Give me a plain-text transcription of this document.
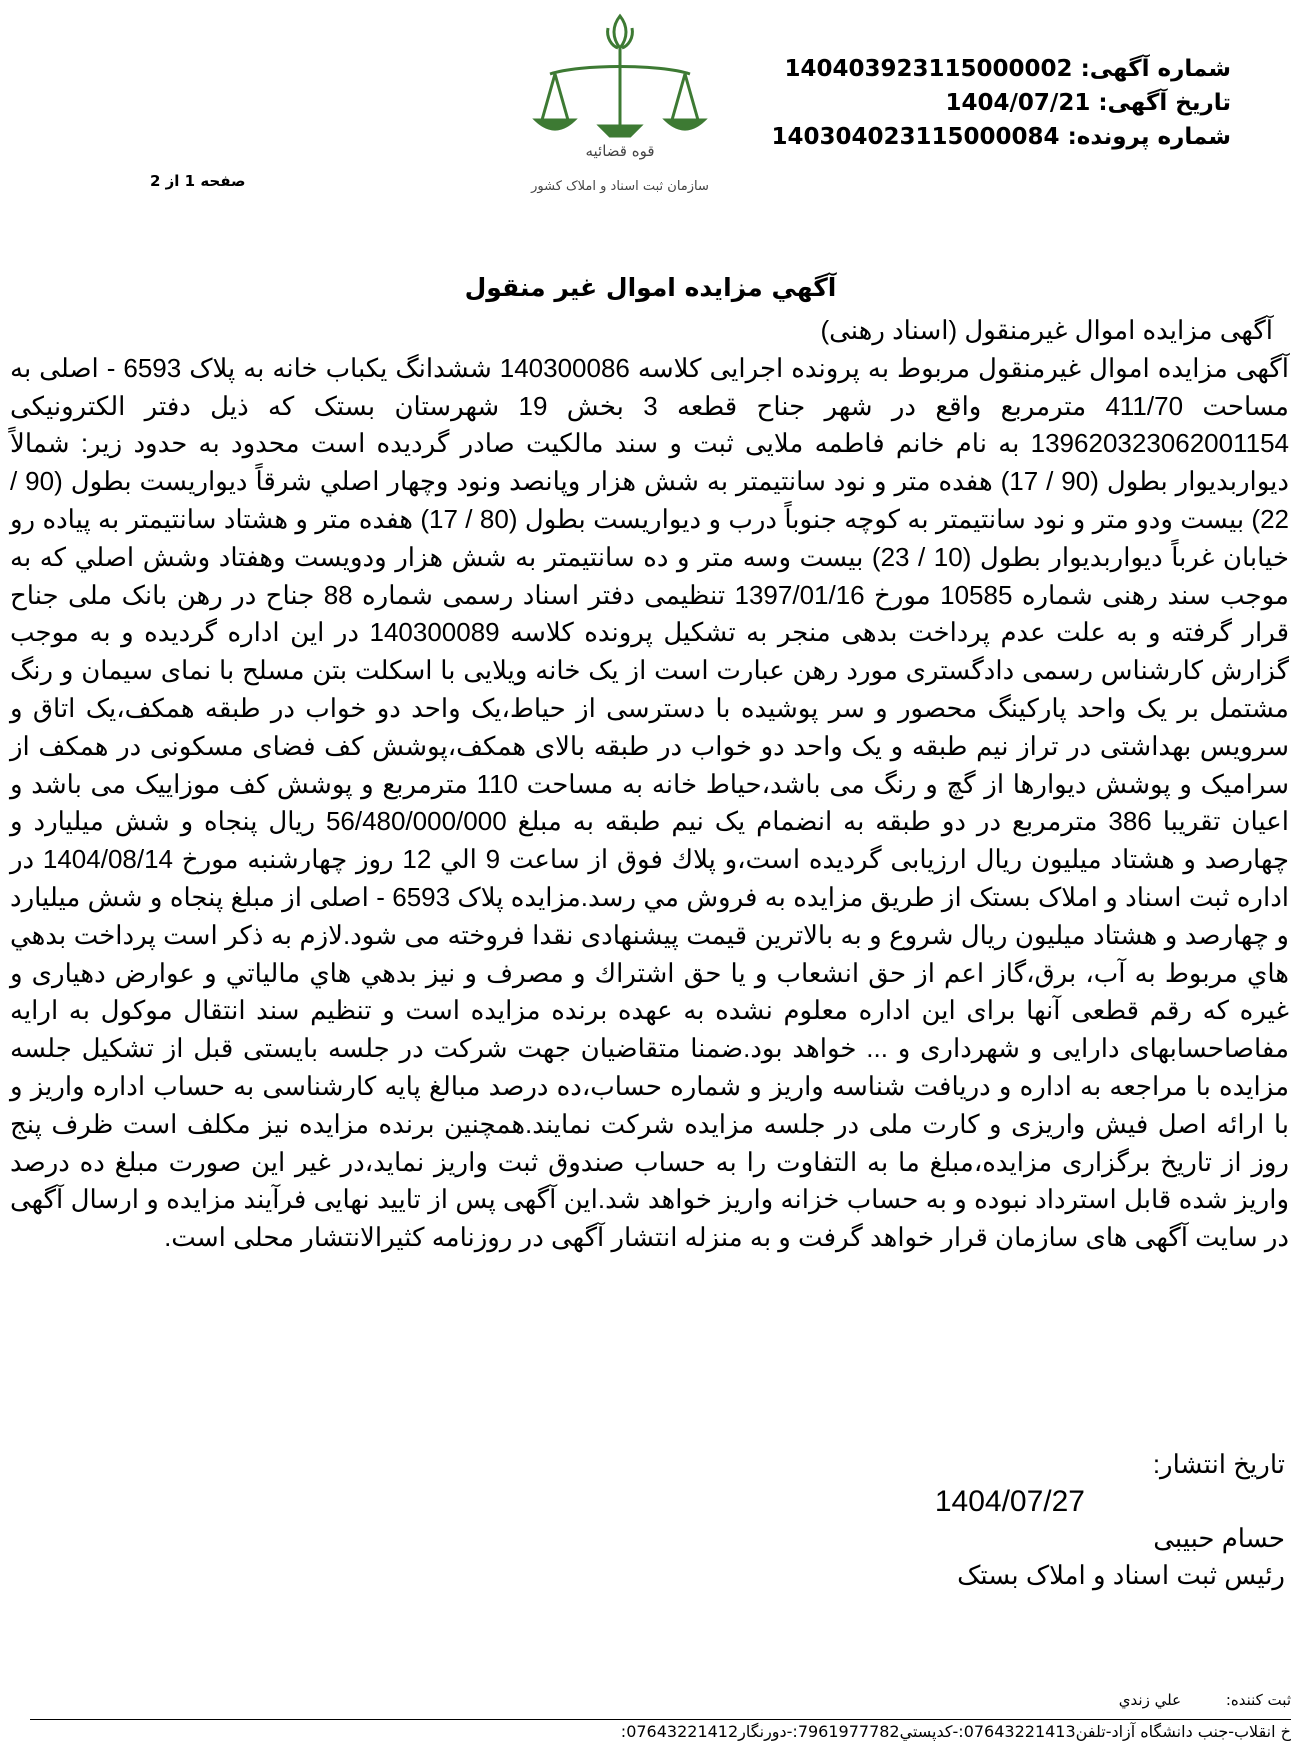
قوه قضائیه
سازمان ثبت اسناد و املاک کشور
شماره آگهی: 140403923115000002
تاریخ آگهی: 1404/07/21
شماره پرونده: 140304023115000084
صفحه 1 از 2
آگهي مزايده اموال غير منقول

آگهی مزایده اموال غیرمنقول (اسناد رهنی)

آگهی مزایده اموال غیرمنقول مربوط به پرونده اجرایی کلاسه 140300086 ششدانگ یکباب خانه به پلاک 6593 - اصلی به مساحت 411/70 مترمربع واقع در شهر جناح قطعه 3 بخش 19 شهرستان بستک که ذیل دفتر الکترونیکی 139620323062001154 به نام خانم فاطمه ملایی ثبت و سند مالکیت صادر گردیده است محدود به حدود زیر: شمالاً دیواربدیوار بطول (90 / 17) هفده متر و نود سانتیمتر به شش هزار وپانصد ونود وچهار اصلي شرقاً دیواریست بطول (90 / 22) بیست ودو متر و نود سانتیمتر به کوچه جنوباً درب و دیواریست بطول (80 / 17) هفده متر و هشتاد سانتیمتر به پیاده رو خیابان غرباً دیواربدیوار بطول (10 / 23) بیست وسه متر و ده سانتیمتر به شش هزار ودویست وهفتاد وشش اصلي كه به موجب سند رهنی شماره 10585 مورخ 1397/01/16 تنظیمی دفتر اسناد رسمی شماره 88 جناح در رهن بانک ملی جناح قرار گرفته و به علت عدم پرداخت بدهی منجر به تشکیل پرونده کلاسه 140300089 در این اداره گردیده و به موجب گزارش کارشناس رسمی دادگستری مورد رهن عبارت است از یک خانه ویلایی با اسکلت بتن مسلح با نمای سیمان و رنگ مشتمل بر یک واحد پارکینگ محصور و سر پوشیده با دسترسی از حیاط،یک واحد دو خواب در طبقه همکف،یک اتاق و سرویس بهداشتی در تراز نیم طبقه و یک واحد دو خواب در طبقه بالای همکف،پوشش کف فضای مسکونی در همکف از سرامیک و پوشش دیوارها از گچ و رنگ می باشد،حیاط خانه به مساحت 110 مترمربع و پوشش کف موزاییک می باشد و اعیان تقریبا 386 مترمربع در دو طبقه به انضمام یک نیم طبقه به مبلغ 56/480/000/000 ریال پنجاه و شش میلیارد و چهارصد و هشتاد میلیون ریال ارزیابی گردیده است،و پلاك فوق از ساعت 9 الي 12 روز چهارشنبه مورخ 1404/08/14 در اداره ثبت اسناد و املاک بستک از طریق مزایده به فروش مي رسد.مزایده پلاک 6593 - اصلی از مبلغ پنجاه و شش میلیارد و چهارصد و هشتاد میلیون ریال شروع و به بالاترین قیمت پیشنهادی نقدا فروخته می شود.لازم به ذکر است پرداخت بدهي هاي مربوط به آب، برق،گاز اعم از حق انشعاب و یا حق اشتراك و مصرف و نیز بدهي هاي مالیاتي و عوارض دهیاری و غیره كه رقم قطعی آنها برای این اداره معلوم نشده به عهده برنده مزایده است و تنظیم سند انتقال موکول به ارایه مفاصاحسابهای دارایی و شهرداری و ... خواهد بود.ضمنا متقاضیان جهت شرکت در جلسه بایستی قبل از تشکیل جلسه مزایده با مراجعه به اداره و دریافت شناسه واریز و شماره حساب،ده درصد مبالغ پایه کارشناسی به حساب اداره واریز و با ارائه اصل فیش واریزی و کارت ملی در جلسه مزایده شرکت نمایند.همچنین برنده مزایده نیز مکلف است ظرف پنج روز از تاریخ برگزاری مزایده،مبلغ ما به التفاوت را به حساب صندوق ثبت واریز نماید،در غیر این صورت مبلغ ده درصد واریز شده قابل استرداد نبوده و به حساب خزانه واریز خواهد شد.این آگهی پس از تایید نهایی فرآیند مزایده و ارسال آگهی در سایت آگهی های سازمان قرار خواهد گرفت و به منزله انتشار آگهی در روزنامه کثیرالانتشار محلی است.

تاریخ انتشار:
1404/07/27
حسام حبیبی
رئیس ثبت اسناد و املاک بستک
ثبت کننده: علي زندي
خ انقلاب-جنب دانشگاه آزاد-تلفن07643221413:-کدپستي7961977782:-دورنگار07643221412:
